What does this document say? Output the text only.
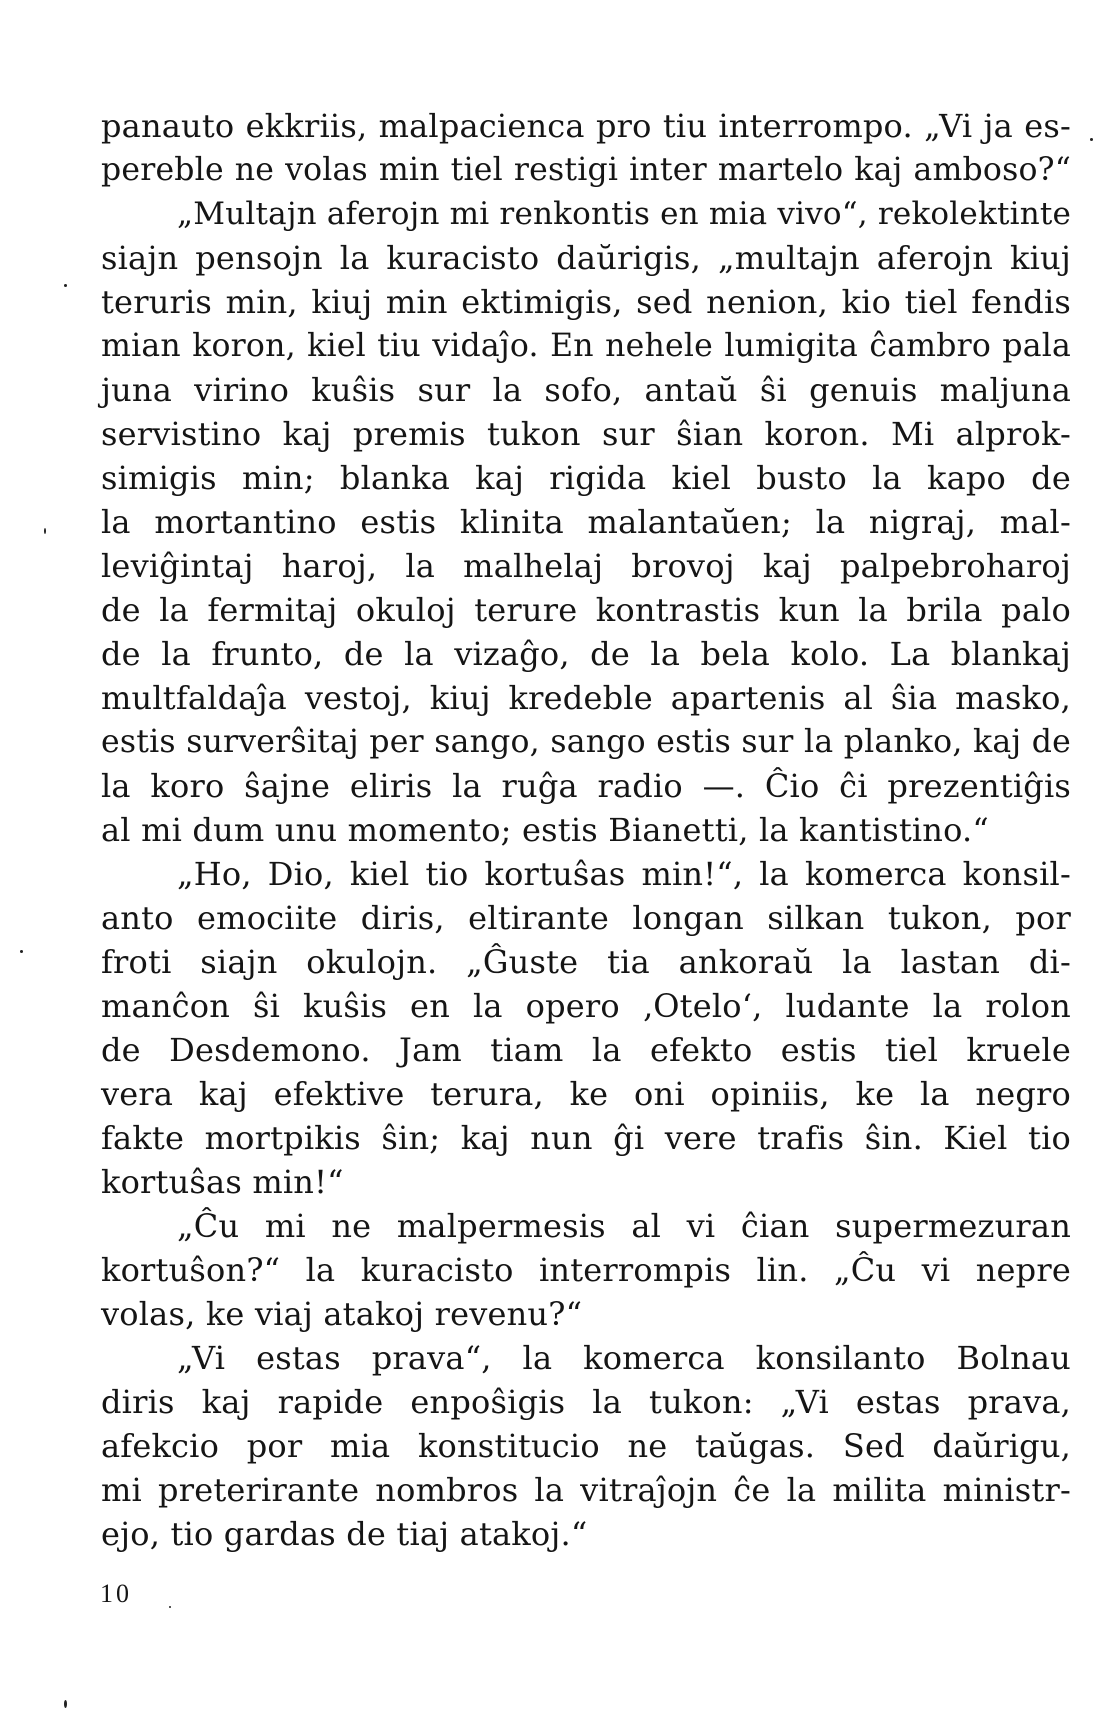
panauto ekkriis, malpacienca pro tiu interrompo. „Vi ja es-
pereble ne volas min tiel restigi inter martelo kaj amboso?“
„Multajn aferojn mi renkontis en mia vivo“, rekolektinte
siajn pensojn la kuracisto daŭrigis, „multajn aferojn kiuj
teruris min, kiuj min ektimigis, sed nenion, kio tiel fendis
mian koron, kiel tiu vidaĵo. En nehele lumigita ĉambro pala
juna virino kuŝis sur la sofo, antaŭ ŝi genuis maljuna
servistino kaj premis tukon sur ŝian koron. Mi alprok-
simigis min; blanka kaj rigida kiel busto la kapo de
la mortantino estis klinita malantaŭen; la nigraj, mal-
leviĝintaj haroj, la malhelaj brovoj kaj palpebroharoj
de la fermitaj okuloj terure kontrastis kun la brila palo
de la frunto, de la vizaĝo, de la bela kolo. La blankaj
multfaldaĵa vestoj, kiuj kredeble apartenis al ŝia masko,
estis surverŝitaj per sango, sango estis sur la planko, kaj de
la koro ŝajne eliris la ruĝa radio —. Ĉio ĉi prezentiĝis
al mi dum unu momento; estis Bianetti, la kantistino.“
„Ho, Dio, kiel tio kortuŝas min!“, la komerca konsil-
anto emociite diris, eltirante longan silkan tukon, por
froti siajn okulojn. „Ĝuste tia ankoraŭ la lastan di-
manĉon ŝi kuŝis en la opero ‚Otelo‘, ludante la rolon
de Desdemono. Jam tiam la efekto estis tiel kruele
vera kaj efektive terura, ke oni opiniis, ke la negro
fakte mortpikis ŝin; kaj nun ĝi vere trafis ŝin. Kiel tio
kortuŝas min!“
„Ĉu mi ne malpermesis al vi ĉian supermezuran
kortuŝon?“ la kuracisto interrompis lin. „Ĉu vi nepre
volas, ke viaj atakoj revenu?“
„Vi estas prava“, la komerca konsilanto Bolnau
diris kaj rapide enpoŝigis la tukon: „Vi estas prava,
afekcio por mia konstitucio ne taŭgas. Sed daŭrigu,
mi preterirante nombros la vitraĵojn ĉe la milita ministr-
ejo, tio gardas de tiaj atakoj.“
10
